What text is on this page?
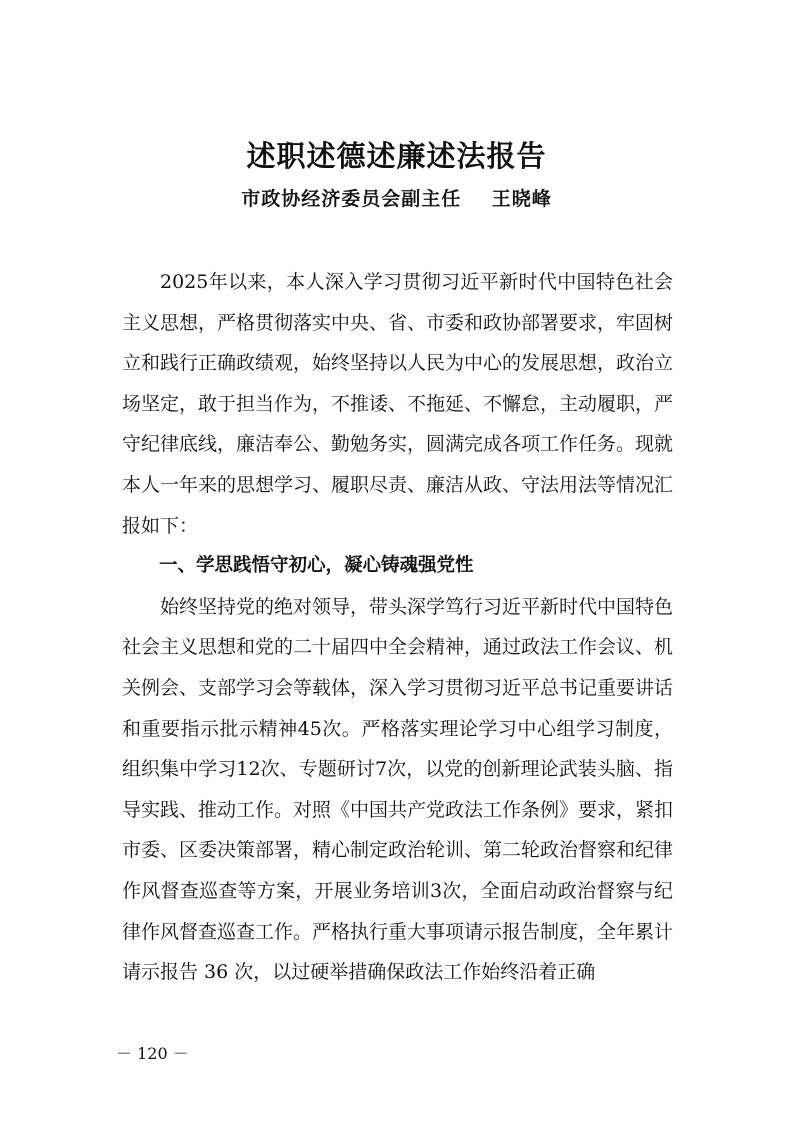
述职述德述廉述法报告
市政协经济委员会副主任    王晓峰

2025年以来，本人深入学习贯彻习近平新时代中国特色社会主义思想，严格贯彻落实中央、省、市委和政协部署要求，牢固树立和践行正确政绩观，始终坚持以人民为中心的发展思想，政治立场坚定，敢于担当作为，不推诿、不拖延、不懈怠，主动履职，严守纪律底线，廉洁奉公、勤勉务实，圆满完成各项工作任务。现就本人一年来的思想学习、履职尽责、廉洁从政、守法用法等情况汇报如下：

一、学思践悟守初心，凝心铸魂强党性

始终坚持党的绝对领导，带头深学笃行习近平新时代中国特色社会主义思想和党的二十届四中全会精神，通过政法工作会议、机关例会、支部学习会等载体，深入学习贯彻习近平总书记重要讲话和重要指示批示精神45次。严格落实理论学习中心组学习制度，组织集中学习12次、专题研讨7次，以党的创新理论武装头脑、指导实践、推动工作。对照《中国共产党政法工作条例》要求，紧扣市委、区委决策部署，精心制定政治轮训、第二轮政治督察和纪律作风督查巡查等方案，开展业务培训3次，全面启动政治督察与纪律作风督查巡查工作。严格执行重大事项请示报告制度，全年累计请示报告 36 次，以过硬举措确保政法工作始终沿着正确

－ 120 －
